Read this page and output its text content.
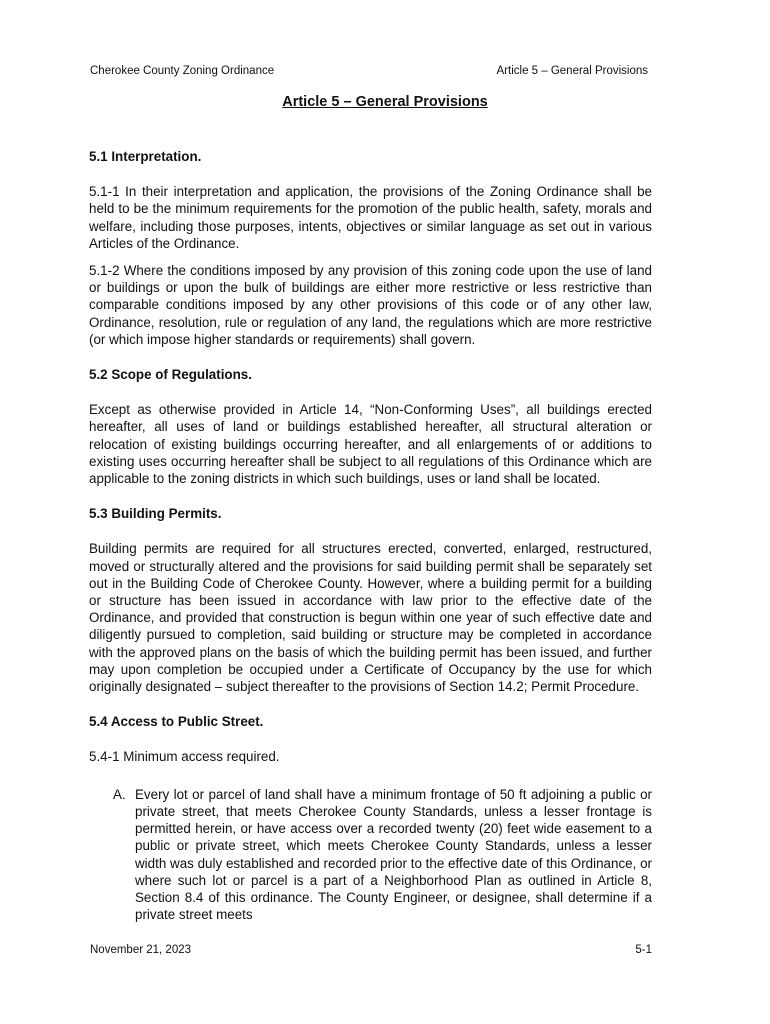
Cherokee County Zoning Ordinance	Article 5 – General Provisions
Article 5 – General Provisions
5.1 Interpretation.

5.1-1 In their interpretation and application, the provisions of the Zoning Ordinance shall be held to be the minimum requirements for the promotion of the public health, safety, morals and welfare, including those purposes, intents, objectives or similar language as set out in various Articles of the Ordinance.

5.1-2 Where the conditions imposed by any provision of this zoning code upon the use of land or buildings or upon the bulk of buildings are either more restrictive or less restrictive than comparable conditions imposed by any other provisions of this code or of any other law, Ordinance, resolution, rule or regulation of any land, the regulations which are more restrictive (or which impose higher standards or requirements) shall govern.

5.2 Scope of Regulations.

Except as otherwise provided in Article 14, “Non-Conforming Uses”, all buildings erected hereafter, all uses of land or buildings established hereafter, all structural alteration or relocation of existing buildings occurring hereafter, and all enlargements of or additions to existing uses occurring hereafter shall be subject to all regulations of this Ordinance which are applicable to the zoning districts in which such buildings, uses or land shall be located.

5.3 Building Permits.

Building permits are required for all structures erected, converted, enlarged, restructured, moved or structurally altered and the provisions for said building permit shall be separately set out in the Building Code of Cherokee County. However, where a building permit for a building or structure has been issued in accordance with law prior to the effective date of the Ordinance, and provided that construction is begun within one year of such effective date and diligently pursued to completion, said building or structure may be completed in accordance with the approved plans on the basis of which the building permit has been issued, and further may upon completion be occupied under a Certificate of Occupancy by the use for which originally designated – subject thereafter to the provisions of Section 14.2; Permit Procedure.

5.4 Access to Public Street.
5.4-1 Minimum access required.
A. Every lot or parcel of land shall have a minimum frontage of 50 ft adjoining a public or private street, that meets Cherokee County Standards, unless a lesser frontage is permitted herein, or have access over a recorded twenty (20) feet wide easement to a public or private street, which meets Cherokee County Standards, unless a lesser width was duly established and recorded prior to the effective date of this Ordinance, or where such lot or parcel is a part of a Neighborhood Plan as outlined in Article 8, Section 8.4 of this ordinance. The County Engineer, or designee, shall determine if a private street meets
November 21, 2023	5-1
